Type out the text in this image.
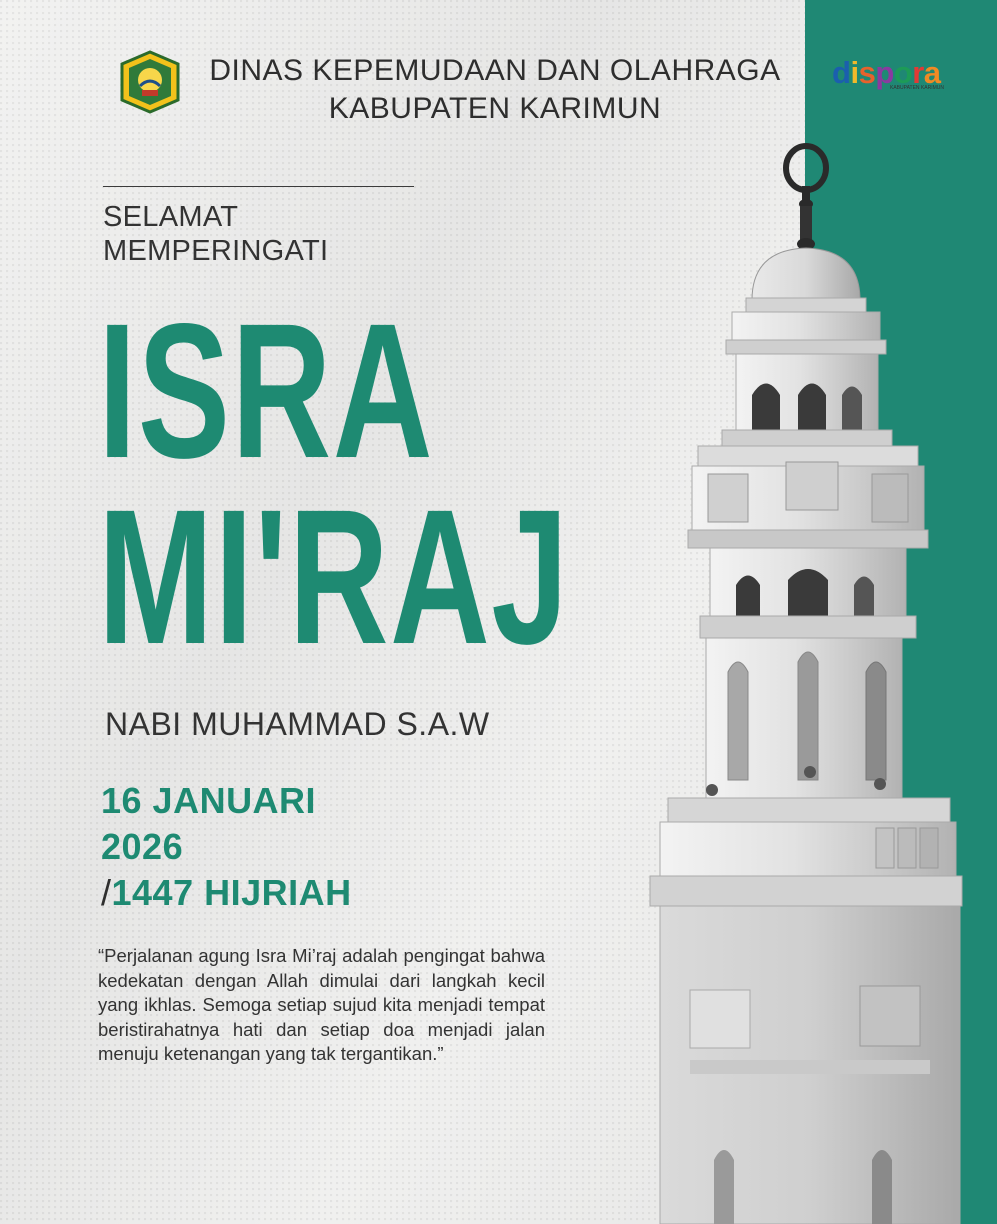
DINAS KEPEMUDAAN DAN OLAHRAGA
KABUPATEN KARIMUN
dispora
KABUPATEN KARIMUN
SELAMAT
MEMPERINGATI
ISRA
MI'RAJ
NABI MUHAMMAD S.A.W
16 JANUARI
2026
/1447 HIJRIAH
“Perjalanan agung Isra Mi’raj adalah pengingat bahwa kedekatan dengan Allah dimulai dari langkah kecil yang ikhlas. Semoga setiap sujud kita menjadi tempat beristirahatnya hati dan setiap doa menjadi jalan menuju ketenangan yang tak tergantikan.”
